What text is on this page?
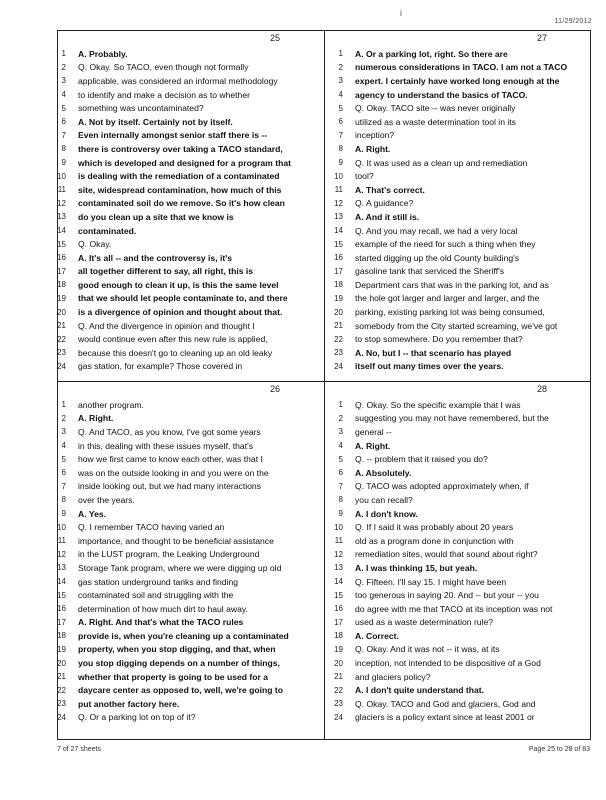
i
11/29/2012
25
1	A. Probably.
2	Q. Okay. So TACO, even though not formally
3	applicable, was considered an informal methodology
4	to identify and make a decision as to whether
5	something was uncontaminated?
6	A. Not by itself. Certainly not by itself.
7	Even internally amongst senior staff there is --
8	there is controversy over taking a TACO standard,
9	which is developed and designed for a program that
10	is dealing with the remediation of a contaminated
11	site, widespread contamination, how much of this
12	contaminated soil do we remove. So it's how clean
13	do you clean up a site that we know is
14	contaminated.
15	Q. Okay.
16	A. It's all -- and the controversy is, it's
17	all together different to say, all right, this is
18	good enough to clean it up, is this the same level
19	that we should let people contaminate to, and there
20	is a divergence of opinion and thought about that.
21	Q. And the divergence in opinion and thought I
22	would continue even after this new rule is applied,
23	because this doesn't go to cleaning up an old leaky
24	gas station, for example? Those covered in
27
1	A. Or a parking lot, right. So there are
2	numerous considerations in TACO. I am not a TACO
3	expert. I certainly have worked long enough at the
4	agency to understand the basics of TACO.
5	Q. Okay. TACO site -- was never originally
6	utilized as a waste determination tool in its
7	inception?
8	A. Right.
9	Q. It was used as a clean up and remediation
10	tool?
11	A. That's correct.
12	Q. A guidance?
13	A. And it still is.
14	Q. And you may recall, we had a very local
15	example of the need for such a thing when they
16	started digging up the old County building's
17	gasoline tank that serviced the Sheriff's
18	Department cars that was in the parking lot, and as
19	the hole got larger and larger and larger, and the
20	parking, existing parking lot was being consumed,
21	somebody from the City started screaming, we've got
22	to stop somewhere. Do you remember that?
23	A. No, but I -- that scenario has played
24	itself out many times over the years.
26
1	another program.
2	A. Right.
3	Q. And TACO, as you know, I've got some years
4	in this, dealing with these issues myself, that's
5	how we first came to know each other, was that I
6	was on the outside looking in and you were on the
7	inside looking out, but we had many interactions
8	over the years.
9	A. Yes.
10	Q. I remember TACO having varied an
11	importance, and thought to be beneficial assistance
12	in the LUST program, the Leaking Underground
13	Storage Tank program, where we were digging up old
14	gas station underground tanks and finding
15	contaminated soil and struggling with the
16	determination of how much dirt to haul away.
17	A. Right. And that's what the TACO rules
18	provide is, when you're cleaning up a contaminated
19	property, when you stop digging, and that, when
20	you stop digging depends on a number of things,
21	whether that property is going to be used for a
22	daycare center as opposed to, well, we're going to
23	put another factory here.
24	Q. Or a parking lot on top of it?
28
1	Q. Okay. So the specific example that I was
2	suggesting you may not have remembered, but the
3	general --
4	A. Right.
5	Q. -- problem that it raised you do?
6	A. Absolutely.
7	Q. TACO was adopted approximately when, if
8	you can recall?
9	A. I don't know.
10	Q. If I said it was probably about 20 years
11	old as a program done in conjunction with
12	remediation sites, would that sound about right?
13	A. I was thinking 15, but yeah.
14	Q. Fifteen. I'll say 15. I might have been
15	too generous in saying 20. And -- but your -- you
16	do agree with me that TACO at its inception was not
17	used as a waste determination rule?
18	A. Correct.
19	Q. Okay. And it was not -- it was, at its
20	inception, not intended to be dispositive of a God
21	and glaciers policy?
22	A. I don't quite understand that.
23	Q. Okay. TACO and God and glaciers, God and
24	glaciers is a policy extant since at least 2001 or
7 of 27 sheets	Page 25 to 28 of 83
